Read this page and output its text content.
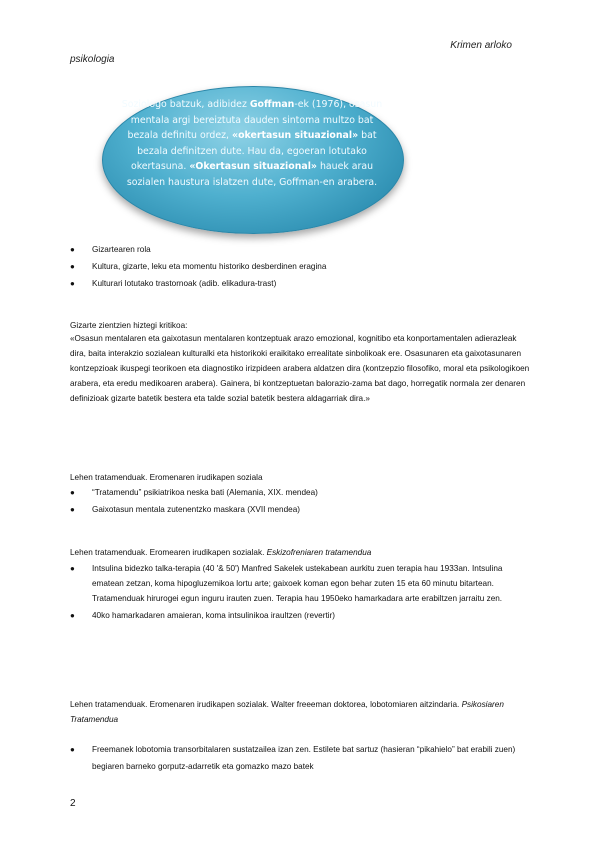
Krimen arloko
psikologia
Soziologo batzuk, adibidez Goffman-ek (1976), osasun mentala argi bereiztuta dauden sintoma multzo bat bezala definitu ordez, «okertasun situazional» bat bezala definitzen dute. Hau da, egoeran lotutako okertasuna. «Okertasun situazional» hauek arau sozialen haustura islatzen dute, Goffman-en arabera.
● Gizartearen rola
● Kultura, gizarte, leku eta momentu historiko desberdinen eragina
● Kulturari lotutako trastornoak (adib. elikadura-trast)

Gizarte zientzien hiztegi kritikoa:

«Osasun mentalaren eta gaixotasun mentalaren kontzeptuak arazo emozional, kognitibo eta konportamentalen adierazleak dira, baita interakzio sozialean kulturalki eta historikoki eraikitako errealitate sinbolikoak ere. Osasunaren eta gaixotasunaren kontzepzioak ikuspegi teorikoen eta diagnostiko irizpideen arabera aldatzen dira (kontzepzio filosofiko, moral eta psikologikoen arabera, eta eredu medikoaren arabera). Gainera, bi kontzeptuetan balorazio-zama bat dago, horregatik normala zer denaren definizioak gizarte batetik bestera eta talde sozial batetik bestera aldagarriak dira.»

Lehen tratamenduak. Eromenaren irudikapen soziala

● “Tratamendu” psikiatrikoa neska bati (Alemania, XIX. mendea)
● Gaixotasun mentala zutenentzko maskara (XVII mendea)

Lehen tratamenduak. Eromearen irudikapen sozialak. Eskizofreniaren tratamendua

● Intsulina bidezko talka-terapia (40 '& 50') Manfred Sakelek ustekabean aurkitu zuen terapia hau 1933an. Intsulina ematean zetzan, koma hipogluzemikoa lortu arte; gaixoek koman egon behar zuten 15 eta 60 minutu bitartean. Tratamenduak hirurogei egun inguru irauten zuen. Terapia hau 1950eko hamarkadara arte erabiltzen jarraitu zen.
● 40ko hamarkadaren amaieran, koma intsulinikoa iraultzen (revertir)

Lehen tratamenduak. Eromenaren irudikapen sozialak. Walter freeeman doktorea, lobotomiaren aitzindaria. Psikosiaren Tratamendua

● Freemanek lobotomia transorbitalaren sustatzailea izan zen. Estilete bat sartuz (hasieran “pikahielo” bat erabili zuen) begiaren barneko gorputz-adarretik eta gomazko mazo batek
2
